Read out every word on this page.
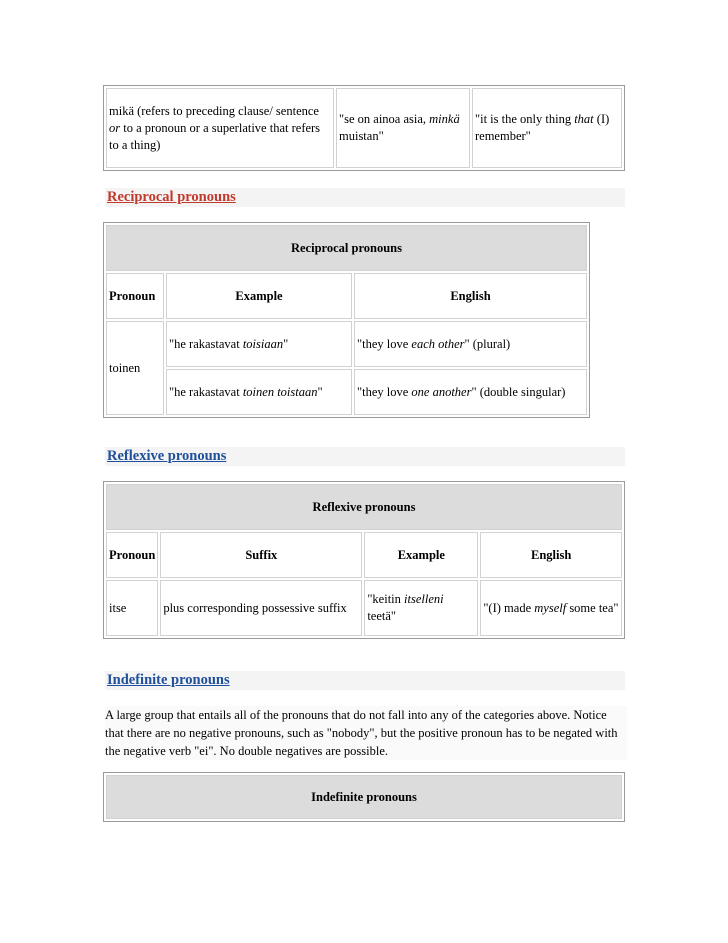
mikä (refers to preceding clause/ sentence or to a pronoun or a superlative that refers to a thing)	"se on ainoa asia, minkä muistan"	"it is the only thing that (I) remember"
Reciprocal pronouns
Reciprocal pronouns		
Pronoun	Example	English
toinen	"he rakastavat toisiaan"	"they love each other" (plural)
	"he rakastavat toinen toistaan"	"they love one another" (double singular)
Reflexive pronouns
Reflexive pronouns			
Pronoun	Suffix	Example	English
itse	plus corresponding possessive suffix	"keitin itselleni teetä"	"(I) made myself some tea"
Indefinite pronouns
A large group that entails all of the pronouns that do not fall into any of the categories above. Notice that there are no negative pronouns, such as "nobody", but the positive pronoun has to be negated with the negative verb "ei". No double negatives are possible.
Indefinite pronouns
